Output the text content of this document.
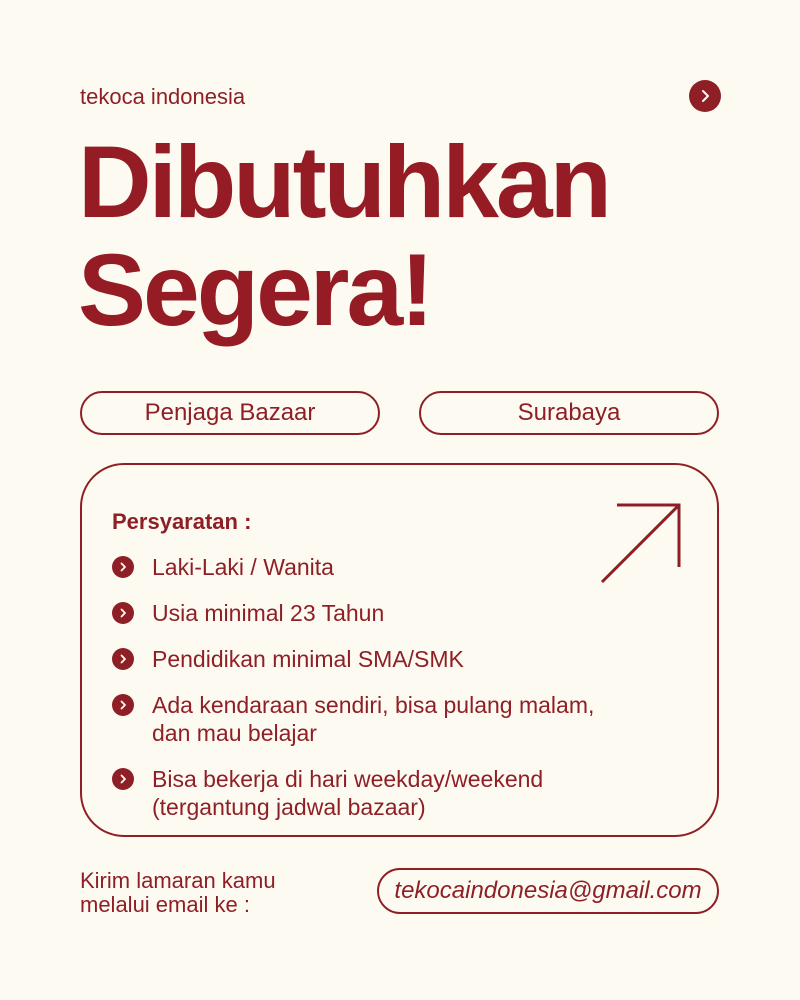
tekoca indonesia
Dibutuhkan
Segera!
Penjaga Bazaar	Surabaya
Persyaratan :
Laki-Laki / Wanita
Usia minimal 23 Tahun
Pendidikan minimal SMA/SMK
Ada kendaraan sendiri, bisa pulang malam,
dan mau belajar
Bisa bekerja di hari weekday/weekend
(tergantung jadwal bazaar)
Kirim lamaran kamu
melalui email ke :
tekocaindonesia@gmail.com
